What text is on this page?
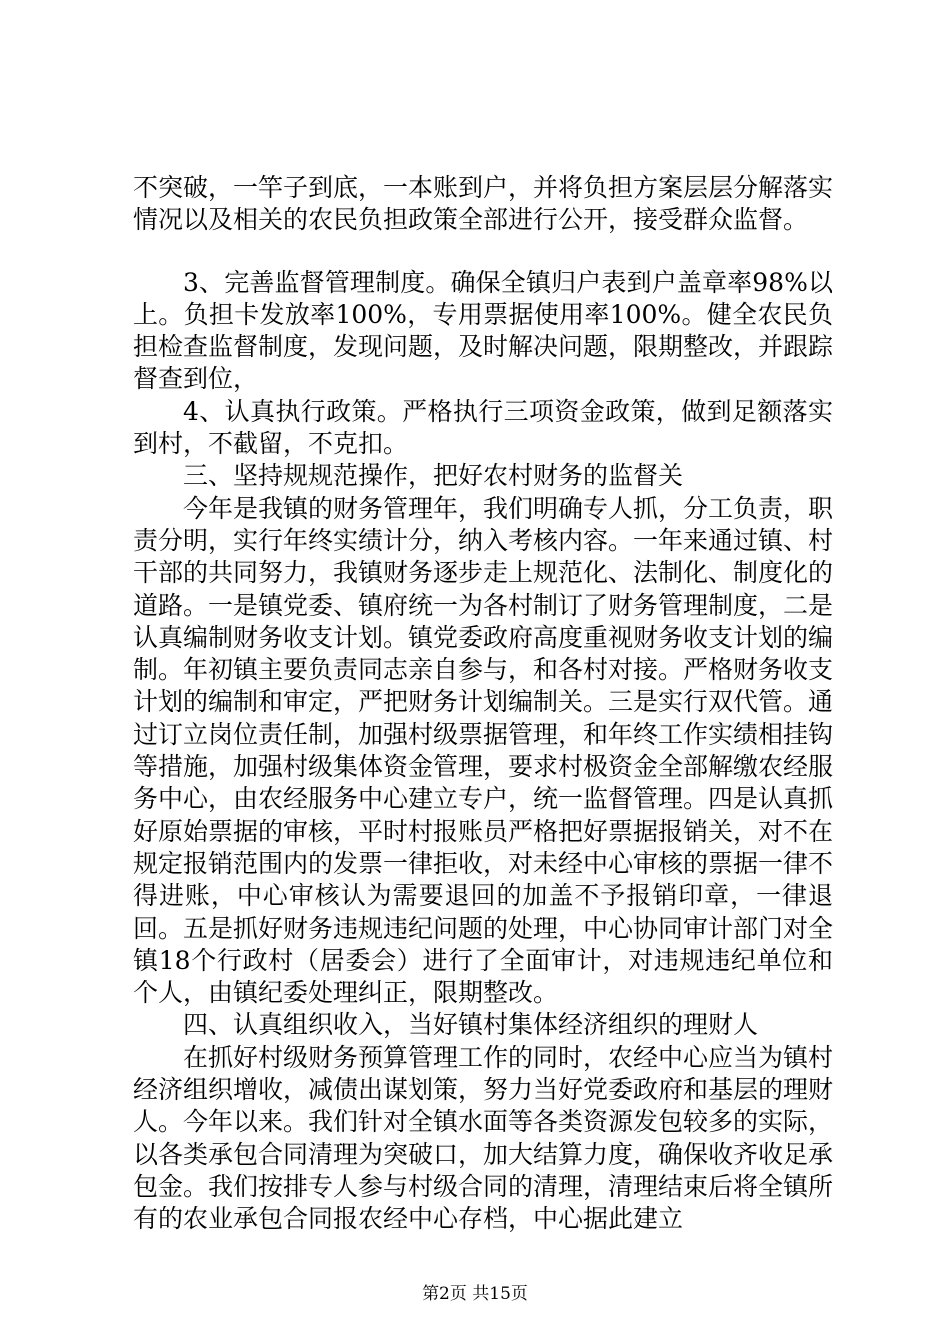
不突破，一竿子到底，一本账到户，并将负担方案层层分解落实情况以及相关的农民负担政策全部进行公开，接受群众监督。

3、完善监督管理制度。确保全镇归户表到户盖章率98%以上。负担卡发放率100%，专用票据使用率100%。健全农民负担检查监督制度，发现问题，及时解决问题，限期整改，并跟踪督查到位，

4、认真执行政策。严格执行三项资金政策，做到足额落实到村，不截留，不克扣。

三、坚持规规范操作，把好农村财务的监督关

今年是我镇的财务管理年，我们明确专人抓，分工负责，职责分明，实行年终实绩计分，纳入考核内容。一年来通过镇、村干部的共同努力，我镇财务逐步走上规范化、法制化、制度化的道路。一是镇党委、镇府统一为各村制订了财务管理制度，二是认真编制财务收支计划。镇党委政府高度重视财务收支计划的编制。年初镇主要负责同志亲自参与，和各村对接。严格财务收支计划的编制和审定，严把财务计划编制关。三是实行双代管。通过订立岗位责任制，加强村级票据管理，和年终工作实绩相挂钩等措施，加强村级集体资金管理，要求村极资金全部解缴农经服务中心，由农经服务中心建立专户，统一监督管理。四是认真抓好原始票据的审核，平时村报账员严格把好票据报销关，对不在规定报销范围内的发票一律拒收，对未经中心审核的票据一律不得进账，中心审核认为需要退回的加盖不予报销印章，一律退回。五是抓好财务违规违纪问题的处理，中心协同审计部门对全镇18个行政村（居委会）进行了全面审计，对违规违纪单位和个人，由镇纪委处理纠正，限期整改。

四、认真组织收入，当好镇村集体经济组织的理财人

在抓好村级财务预算管理工作的同时，农经中心应当为镇村经济组织增收，减债出谋划策，努力当好党委政府和基层的理财人。今年以来。我们针对全镇水面等各类资源发包较多的实际，以各类承包合同清理为突破口，加大结算力度，确保收齐收足承包金。我们按排专人参与村级合同的清理，清理结束后将全镇所有的农业承包合同报农经中心存档，中心据此建立

第2页 共15页
